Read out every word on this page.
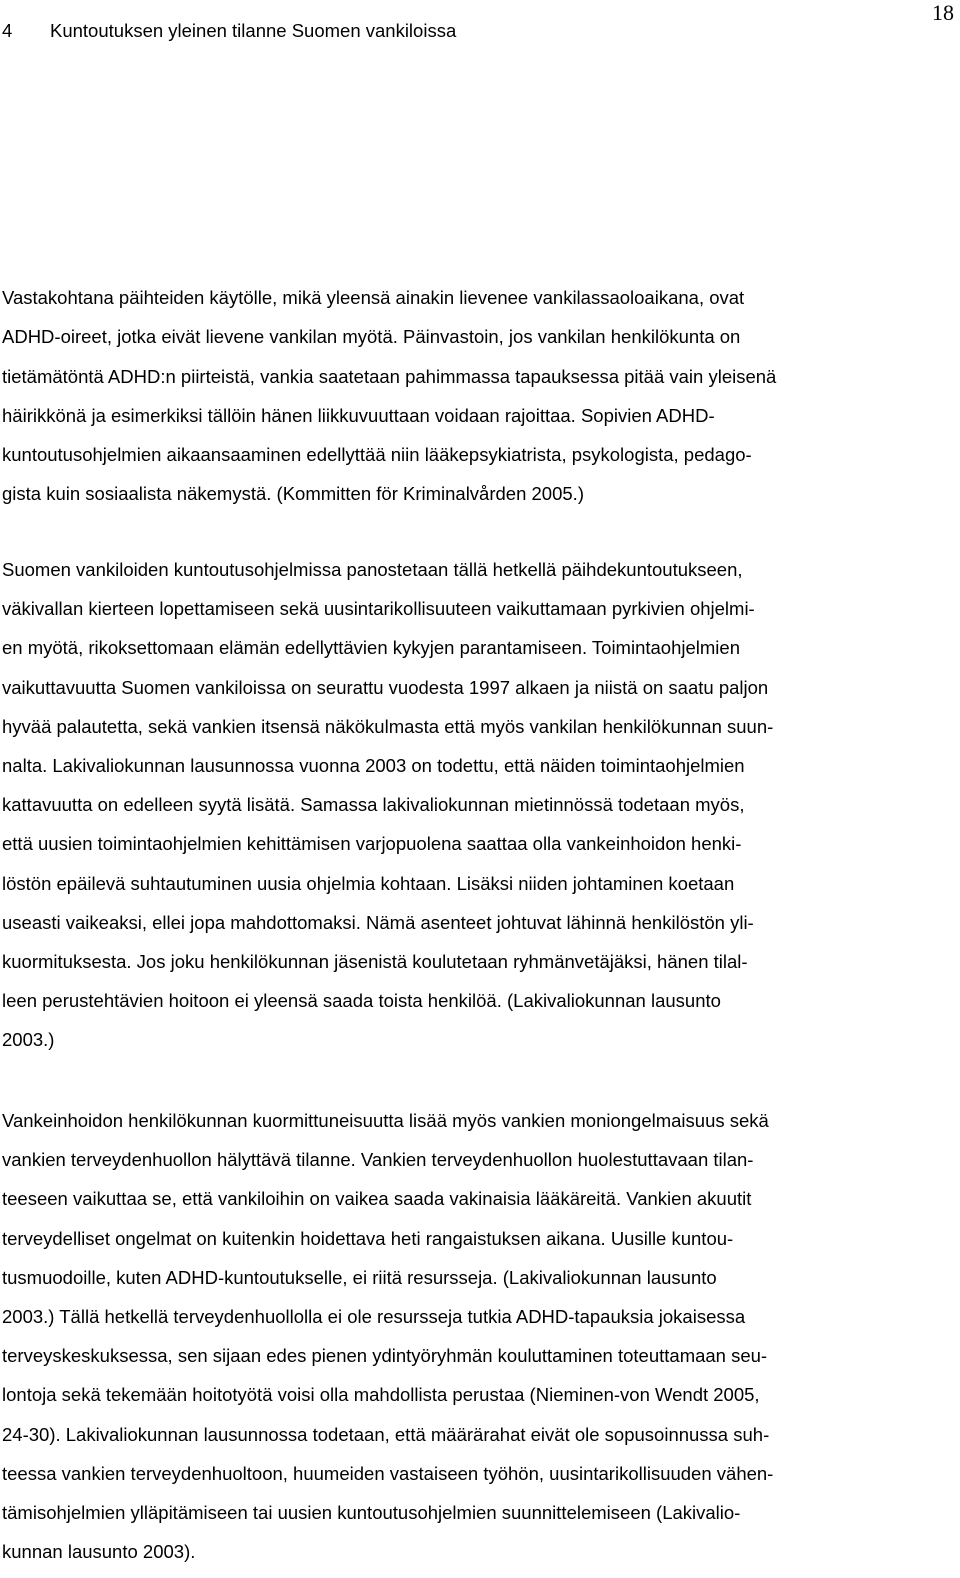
18
4 Kuntoutuksen yleinen tilanne Suomen vankiloissa
Vastakohtana päihteiden käytölle, mikä yleensä ainakin lievenee vankilassaoloaikana, ovat
ADHD-oireet, jotka eivät lievene vankilan myötä. Päinvastoin, jos vankilan henkilökunta on
tietämätöntä ADHD:n piirteistä, vankia saatetaan pahimmassa tapauksessa pitää vain yleisenä
häirikkönä ja esimerkiksi tällöin hänen liikkuvuuttaan voidaan rajoittaa. Sopivien ADHD-
kuntoutusohjelmien aikaansaaminen edellyttää niin lääkepsykiatrista, psykologista, pedago-
gista kuin sosiaalista näkemystä. (Kommitten för Kriminalvården 2005.)
Suomen vankiloiden kuntoutusohjelmissa panostetaan tällä hetkellä päihdekuntoutukseen,
väkivallan kierteen lopettamiseen sekä uusintarikollisuuteen vaikuttamaan pyrkivien ohjelmi-
en myötä, rikoksettomaan elämän edellyttävien kykyjen parantamiseen. Toimintaohjelmien
vaikuttavuutta Suomen vankiloissa on seurattu vuodesta 1997 alkaen ja niistä on saatu paljon
hyvää palautetta, sekä vankien itsensä näkökulmasta että myös vankilan henkilökunnan suun-
nalta. Lakivaliokunnan lausunnossa vuonna 2003 on todettu, että näiden toimintaohjelmien
kattavuutta on edelleen syytä lisätä. Samassa lakivaliokunnan mietinnössä todetaan myös,
että uusien toimintaohjelmien kehittämisen varjopuolena saattaa olla vankeinhoidon henki-
löstön epäilevä suhtautuminen uusia ohjelmia kohtaan. Lisäksi niiden johtaminen koetaan
useasti vaikeaksi, ellei jopa mahdottomaksi. Nämä asenteet johtuvat lähinnä henkilöstön yli-
kuormituksesta. Jos joku henkilökunnan jäsenistä koulutetaan ryhmänvetäjäksi, hänen tilal-
leen perustehtävien hoitoon ei yleensä saada toista henkilöä. (Lakivaliokunnan lausunto
2003.)
Vankeinhoidon henkilökunnan kuormittuneisuutta lisää myös vankien moniongelmaisuus sekä
vankien terveydenhuollon hälyttävä tilanne. Vankien terveydenhuollon huolestuttavaan tilan-
teeseen vaikuttaa se, että vankiloihin on vaikea saada vakinaisia lääkäreitä. Vankien akuutit
terveydelliset ongelmat on kuitenkin hoidettava heti rangaistuksen aikana. Uusille kuntou-
tusmuodoille, kuten ADHD-kuntoutukselle, ei riitä resursseja. (Lakivaliokunnan lausunto
2003.) Tällä hetkellä terveydenhuollolla ei ole resursseja tutkia ADHD-tapauksia jokaisessa
terveyskeskuksessa, sen sijaan edes pienen ydintyöryhmän kouluttaminen toteuttamaan seu-
lontoja sekä tekemään hoitotyötä voisi olla mahdollista perustaa (Nieminen-von Wendt 2005,
24-30). Lakivaliokunnan lausunnossa todetaan, että määrärahat eivät ole sopusoinnussa suh-
teessa vankien terveydenhuoltoon, huumeiden vastaiseen työhön, uusintarikollisuuden vähen-
tämisohjelmien ylläpitämiseen tai uusien kuntoutusohjelmien suunnittelemiseen (Lakivalio-
kunnan lausunto 2003).
